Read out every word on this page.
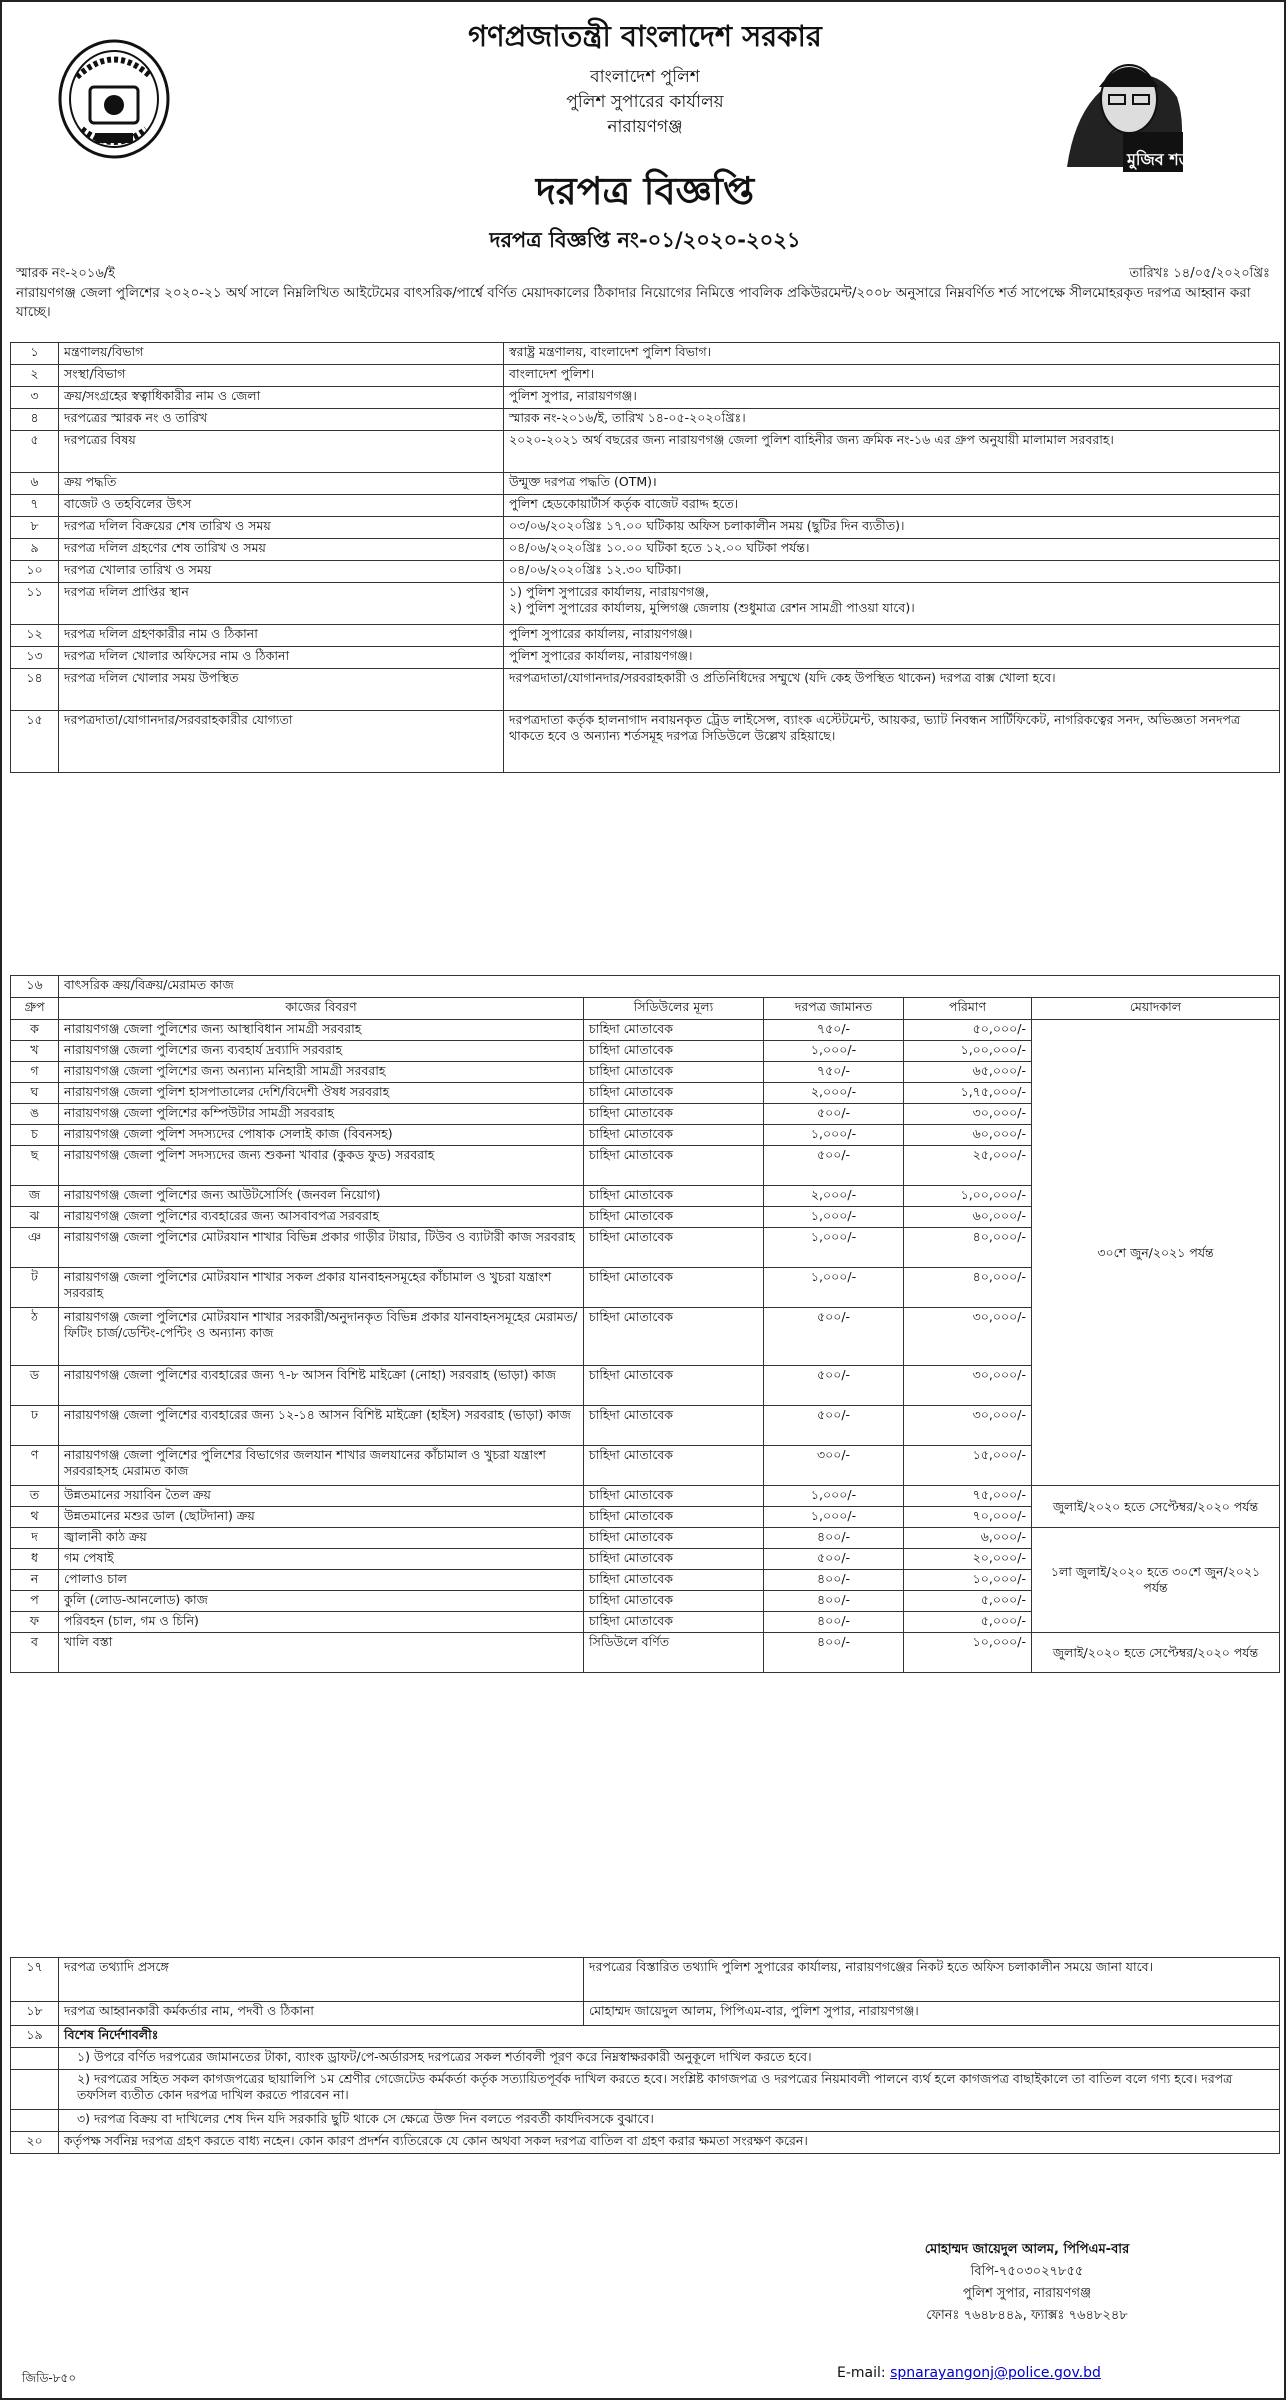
গণপ্রজাতন্ত্রী বাংলাদেশ সরকার
বাংলাদেশ পুলিশ
পুলিশ সুপারের কার্যালয়
নারায়ণগঞ্জ
দরপত্র বিজ্ঞপ্তি
দরপত্র বিজ্ঞপ্তি নং-০১/২০২০-২০২১
মুজিব শতবর্ষ
স্মারক নং-২০১৬/ই	তারিখঃ ১৪/০৫/২০২০খ্রিঃ
নারায়ণগঞ্জ জেলা পুলিশের ২০২০-২১ অর্থ সালে নিম্নলিখিত আইটেমের বাৎসরিক/পার্শ্বে বর্ণিত মেয়াদকালের ঠিকাদার নিয়োগের নিমিত্তে পাবলিক প্রকিউরমেন্ট/২০০৮ অনুসারে নিম্নবর্ণিত শর্ত সাপেক্ষে সীলমোহরকৃত দরপত্র আহ্বান করা যাচ্ছে।
১	মন্ত্রণালয়/বিভাগ	স্বরাষ্ট্র মন্ত্রণালয়, বাংলাদেশ পুলিশ বিভাগ।
২	সংস্থা/বিভাগ	বাংলাদেশ পুলিশ।
৩	ক্রয়/সংগ্রহের স্বত্বাধিকারীর নাম ও জেলা	পুলিশ সুপার, নারায়ণগঞ্জ।
৪	দরপত্রের স্মারক নং ও তারিখ	স্মারক নং-২০১৬/ই, তারিখ ১৪-০৫-২০২০খ্রিঃ।
৫	দরপত্রের বিষয়	২০২০-২০২১ অর্থ বছরের জন্য নারায়ণগঞ্জ জেলা পুলিশ বাহিনীর জন্য ক্রমিক নং-১৬ এর গ্রুপ অনুযায়ী মালামাল সরবরাহ।
৬	ক্রয় পদ্ধতি	উন্মুক্ত দরপত্র পদ্ধতি (OTM)।
৭	বাজেট ও তহবিলের উৎস	পুলিশ হেডকোয়ার্টার্স কর্তৃক বাজেট বরাদ্দ হতে।
৮	দরপত্র দলিল বিক্রয়ের শেষ তারিখ ও সময়	০৩/০৬/২০২০খ্রিঃ ১৭.০০ ঘটিকায় অফিস চলাকালীন সময় (ছুটির দিন ব্যতীত)।
৯	দরপত্র দলিল গ্রহণের শেষ তারিখ ও সময়	০৪/০৬/২০২০খ্রিঃ ১০.০০ ঘটিকা হতে ১২.০০ ঘটিকা পর্যন্ত।
১০	দরপত্র খোলার তারিখ ও সময়	০৪/০৬/২০২০খ্রিঃ ১২.৩০ ঘটিকা।
১১	দরপত্র দলিল প্রাপ্তির স্থান	১) পুলিশ সুপারের কার্যালয়, নারায়ণগঞ্জ,
২) পুলিশ সুপারের কার্যালয়, মুন্সিগঞ্জ জেলায় (শুধুমাত্র রেশন সামগ্রী পাওয়া যাবে)।

১২	দরপত্র দলিল গ্রহণকারীর নাম ও ঠিকানা	পুলিশ সুপারের কার্যালয়, নারায়ণগঞ্জ।
১৩	দরপত্র দলিল খোলার অফিসের নাম ও ঠিকানা	পুলিশ সুপারের কার্যালয়, নারায়ণগঞ্জ।
১৪	দরপত্র দলিল খোলার সময় উপস্থিত	দরপত্রদাতা/যোগানদার/সরবরাহকারী ও প্রতিনিধিদের সম্মুখে (যদি কেহ উপস্থিত থাকেন) দরপত্র বাক্স খোলা হবে।
১৫	দরপত্রদাতা/যোগানদার/সরবরাহকারীর যোগ্যতা	দরপত্রদাতা কর্তৃক হালনাগাদ নবায়নকৃত ট্রেড লাইসেন্স, ব্যাংক এস্টেটমেন্ট, আয়কর, ভ্যাট নিবন্ধন সার্টিফিকেট, নাগরিকত্বের সনদ, অভিজ্ঞতা সনদপত্র থাকতে হবে ও অন্যান্য শর্তসমূহ দরপত্র সিডিউলে উল্লেখ রহিয়াছে।
১৬	বাৎসরিক ক্রয়/বিক্রয়/মেরামত কাজ				
গ্রুপ	কাজের বিবরণ	সিডিউলের মূল্য	দরপত্র জামানত	পরিমাণ	মেয়াদকাল
ক	নারায়ণগঞ্জ জেলা পুলিশের জন্য আস্থাবিধান সামগ্রী সরবরাহ	চাহিদা মোতাবেক	৭৫০/-	৫০,০০০/-	৩০শে জুন/২০২১ পর্যন্ত
খ	নারায়ণগঞ্জ জেলা পুলিশের জন্য ব্যবহার্য দ্রব্যাদি সরবরাহ	চাহিদা মোতাবেক	১,০০০/-	১,০০,০০০/-	
গ	নারায়ণগঞ্জ জেলা পুলিশের জন্য অন্যান্য মনিহারী সামগ্রী সরবরাহ	চাহিদা মোতাবেক	৭৫০/-	৬৫,০০০/-	
ঘ	নারায়ণগঞ্জ জেলা পুলিশ হাসপাতালের দেশি/বিদেশী ঔষধ সরবরাহ	চাহিদা মোতাবেক	২,০০০/-	১,৭৫,০০০/-	
ঙ	নারায়ণগঞ্জ জেলা পুলিশের কম্পিউটার সামগ্রী সরবরাহ	চাহিদা মোতাবেক	৫০০/-	৩০,০০০/-	
চ	নারায়ণগঞ্জ জেলা পুলিশ সদস্যদের পোষাক সেলাই কাজ (বিবনসহ)	চাহিদা মোতাবেক	১,০০০/-	৬০,০০০/-	
ছ	নারায়ণগঞ্জ জেলা পুলিশ সদস্যদের জন্য শুকনা খাবার (কুকড ফুড) সরবরাহ	চাহিদা মোতাবেক	৫০০/-	২৫,০০০/-	
জ	নারায়ণগঞ্জ জেলা পুলিশের জন্য আউটসোর্সিং (জনবল নিয়োগ)	চাহিদা মোতাবেক	২,০০০/-	১,০০,০০০/-	
ঝ	নারায়ণগঞ্জ জেলা পুলিশের ব্যবহারের জন্য আসবাবপত্র সরবরাহ	চাহিদা মোতাবেক	১,০০০/-	৬০,০০০/-	
ঞ	নারায়ণগঞ্জ জেলা পুলিশের মোটরযান শাখার বিভিন্ন প্রকার গাড়ীর টায়ার, টিউব ও ব্যাটারী কাজ সরবরাহ	চাহিদা মোতাবেক	১,০০০/-	৪০,০০০/-	
ট	নারায়ণগঞ্জ জেলা পুলিশের মোটরযান শাখার সকল প্রকার যানবাহনসমূহের কাঁচামাল ও খুচরা যন্ত্রাংশ সরবরাহ	চাহিদা মোতাবেক	১,০০০/-	৪০,০০০/-	
ঠ	নারায়ণগঞ্জ জেলা পুলিশের মোটরযান শাখার সরকারী/অনুদানকৃত বিভিন্ন প্রকার যানবাহনসমূহের মেরামত/ফিটিং চার্জ/ডেন্টিং-পেন্টিং ও অন্যান্য কাজ	চাহিদা মোতাবেক	৫০০/-	৩০,০০০/-	
ড	নারায়ণগঞ্জ জেলা পুলিশের ব্যবহারের জন্য ৭-৮ আসন বিশিষ্ট মাইক্রো (নোহা) সরবরাহ (ভাড়া) কাজ	চাহিদা মোতাবেক	৫০০/-	৩০,০০০/-	
ঢ	নারায়ণগঞ্জ জেলা পুলিশের ব্যবহারের জন্য ১২-১৪ আসন বিশিষ্ট মাইক্রো (হাইস) সরবরাহ (ভাড়া) কাজ	চাহিদা মোতাবেক	৫০০/-	৩০,০০০/-	
ণ	নারায়ণগঞ্জ জেলা পুলিশের পুলিশের বিভাগের জলযান শাখার জলযানের কাঁচামাল ও খুচরা যন্ত্রাংশ সরবরাহসহ মেরামত কাজ	চাহিদা মোতাবেক	৩০০/-	১৫,০০০/-	
ত	উন্নতমানের সয়াবিন তৈল ক্রয়	চাহিদা মোতাবেক	১,০০০/-	৭৫,০০০/-	জুলাই/২০২০ হতে সেপ্টেম্বর/২০২০ পর্যন্ত
থ	উন্নতমানের মশুর ডাল (ছোটদানা) ক্রয়	চাহিদা মোতাবেক	১,০০০/-	৭০,০০০/-	
দ	জ্বালানী কাঠ ক্রয়	চাহিদা মোতাবেক	৪০০/-	৬,০০০/-	১লা জুলাই/২০২০ হতে ৩০শে জুন/২০২১ পর্যন্ত
ধ	গম পেষাই	চাহিদা মোতাবেক	৫০০/-	২০,০০০/-	
ন	পোলাও চাল	চাহিদা মোতাবেক	৪০০/-	১০,০০০/-	
প	কুলি (লোড-আনলোড) কাজ	চাহিদা মোতাবেক	৪০০/-	৫,০০০/-	
ফ	পরিবহন (চাল, গম ও চিনি)	চাহিদা মোতাবেক	৪০০/-	৫,০০০/-	
ব	খালি বস্তা	সিডিউলে বর্ণিত	৪০০/-	১০,০০০/-	জুলাই/২০২০ হতে সেপ্টেম্বর/২০২০ পর্যন্ত
১৭	দরপত্র তথ্যাদি প্রসঙ্গে	দরপত্রের বিস্তারিত তথ্যাদি পুলিশ সুপারের কার্যালয়, নারায়ণগঞ্জের নিকট হতে অফিস চলাকালীন সময়ে জানা যাবে।
১৮	দরপত্র আহ্বানকারী কর্মকর্তার নাম, পদবী ও ঠিকানা	মোহাম্মদ জায়েদুল আলম, পিপিএম-বার, পুলিশ সুপার, নারায়ণগঞ্জ।
১৯	বিশেষ নির্দেশাবলীঃ	
	১) উপরে বর্ণিত দরপত্রের জামানতের টাকা, ব্যাংক ড্রাফট/পে-অর্ডারসহ দরপত্রের সকল শর্তাবলী পূরণ করে নিম্নস্বাক্ষরকারী অনুকূলে দাখিল করতে হবে।	
	২) দরপত্রের সহিত সকল কাগজপত্রের ছায়ালিপি ১ম শ্রেণীর গেজেটেড কর্মকর্তা কর্তৃক সত্যায়িতপূর্বক দাখিল করতে হবে। সংশ্লিষ্ট কাগজপত্র ও দরপত্রের নিয়মাবলী পালনে ব্যর্থ হলে কাগজপত্র বাছাইকালে তা বাতিল বলে গণ্য হবে। দরপত্র তফসিল ব্যতীত কোন দরপত্র দাখিল করতে পারবেন না।	
	৩) দরপত্র বিক্রয় বা দাখিলের শেষ দিন যদি সরকারি ছুটি থাকে সে ক্ষেত্রে উক্ত দিন বলতে পরবর্তী কার্যদিবসকে বুঝাবে।	
২০	কর্তৃপক্ষ সর্বনিম্ন দরপত্র গ্রহণ করতে বাধ্য নহেন। কোন কারণ প্রদর্শন ব্যতিরেকে যে কোন অথবা সকল দরপত্র বাতিল বা গ্রহণ করার ক্ষমতা সংরক্ষণ করেন।	
মোহাম্মদ জায়েদুল আলম, পিপিএম-বার
বিপি-৭৫০৩০২৭৮৫৫
পুলিশ সুপার, নারায়ণগঞ্জ
ফোনঃ ৭৬৪৮৪৪৯, ফ্যাক্সঃ ৭৬৪৮২৪৮
E-mail: spnarayangonj@police.gov.bd
জিডি-৮৫০
